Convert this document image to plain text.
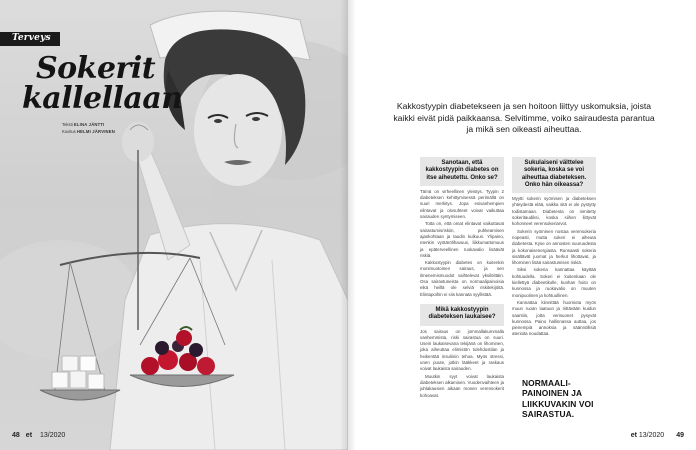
Terveys
Sokerit
kallellaan
Teksti ELINA JÄNTTI
Kuvitus HELMI JÄRVINEN
48 et 13/2020
Kakkostyypin diabetekseen ja sen hoitoon liittyy uskomuksia, joista kaikki eivät pidä paikkaansa. Selvitimme, voiko sairaudesta parantua ja mikä sen oikeasti aiheuttaa.
Sanotaan, että kakkostyypin diabetes on itse aiheutettu. Onko se?

Tämä on virheellinen yleistys. Tyypin 2 diabeteksen kehittymisessä perimällä on suuri merkitys. Jopa esivanhempien elintavat ja olosuhteet voivat vaikuttaa sairauden syntymiseen.

Totta on, että omat elintavat vaikuttavat sairastumisriskiin, puhkeamisen ajankohtaan ja taudin kulkuun. Ylipaino, etenkin vyötärölihavuus, liikkumattomuus ja epäterveellinen ruokavalio lisäävät riskiä.

Kakkostyypin diabetes on kuitenkin monimuotoinen sairaus, ja sen ilmenemismuodot vaihtelevat yksilöittäin. Osa sairastuneista on normaalipainoisia eikä heillä ole selviä riskitekijöitä. Elintapoihin ei siis kannata syyllistää.

Mikä kakkostyypin diabeteksen laukaisee?

Jos sairaus on jommallakummalla vanhemmista, riski sairastua on suuri. Usein laukaisevana tekijänä on lihominen, joka aiheuttaa elimistön tulehdustilan ja heikentää insuliinin tehoa. Myös stressi, unen puute, jotkin lääkkeet ja raskaus voivat laukaista sairauden.

Muutkin syyt voivat laukaista diabeteksen alkamisen. Vuodenvaihteen ja juhlakausien aikaan monen verensokerit kohoavat.

Sukulaiseni välttelee sokeria, koska se voi aiheuttaa diabeteksen. Onko hän oikeassa?

Myytti sokerin syömisen ja diabeteksen yhteydestä elää, vaikka sitä ei ole pystytty todistamaan. Diabetesta on nimitetty sokeritaudiksi, koska siihen liittyvät kohonneet verensokeriarvot.

Sokerin syöminen nostaa verensokeria nopeasti, mutta sokeri ei aiheuta diabetesta. Kyse on annosten suuruudesta ja kokonaisenergiasta. Runsaasti sokeria sisältävät juomat ja herkut lihottavat, ja lihominen lisää sairastumisen riskiä.

Siksi sokeria kannattaa käyttää kohtuudella. Sokeri ei kuitenkaan ole kiellettyä diabeetikolle, kunhan hoito on kunnossa ja ruokavalio on muuten monipuolinen ja kohtuullinen.

Kannattaa kiinnittää huomiota myös muun ruoan laatuun ja riittävään kuidun saantiin, jotta verisuonet pysyvät kunnossa. Paino hallinnassa auttaa, jos pienempiä annoksia ja säännöllisiä aterioita noudattaa.

NORMAALI-PAINOINEN JA LIIKKUVAKIN VOI SAIRASTUA.
et 13/2020 49
